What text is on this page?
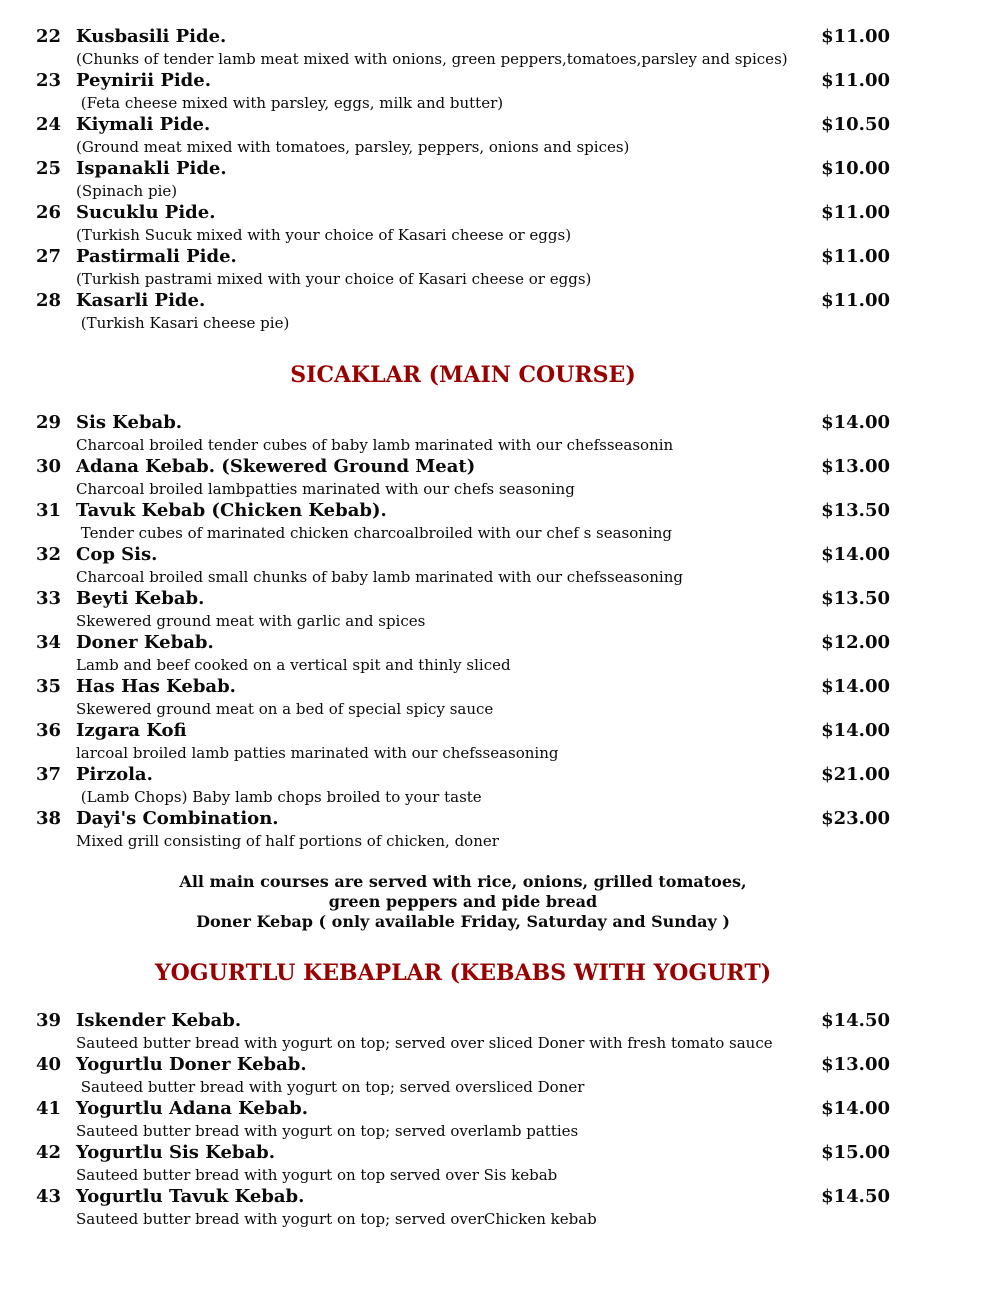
22 Kusbasili Pide.	$11.00
(Chunks of tender lamb meat mixed with onions, green peppers,tomatoes,parsley and spices)
23 Peynirii Pide.	$11.00
(Feta cheese mixed with parsley, eggs, milk and butter)
24 Kiymali Pide.	$10.50
(Ground meat mixed with tomatoes, parsley, peppers, onions and spices)
25 Ispanakli Pide.	$10.00
(Spinach pie)
26 Sucuklu Pide.	$11.00
(Turkish Sucuk mixed with your choice of Kasari cheese or eggs)
27 Pastirmali Pide.	$11.00
(Turkish pastrami mixed with your choice of Kasari cheese or eggs)
28 Kasarli Pide.	$11.00
(Turkish Kasari cheese pie)
SICAKLAR (MAIN COURSE)
29 Sis Kebab.	$14.00
Charcoal broiled tender cubes of baby lamb marinated with our chefsseasonin
30 Adana Kebab. (Skewered Ground Meat)	$13.00
Charcoal broiled lambpatties marinated with our chefs seasoning
31 Tavuk Kebab (Chicken Kebab).	$13.50
Tender cubes of marinated chicken charcoalbroiled with our chef s seasoning
32 Cop Sis.	$14.00
Charcoal broiled small chunks of baby lamb marinated with our chefsseasoning
33 Beyti Kebab.	$13.50
Skewered ground meat with garlic and spices
34 Doner Kebab.	$12.00
Lamb and beef cooked on a vertical spit and thinly sliced
35 Has Has Kebab.	$14.00
Skewered ground meat on a bed of special spicy sauce
36 Izgara Kofi	$14.00
larcoal broiled lamb patties marinated with our chefsseasoning
37 Pirzola.	$21.00
(Lamb Chops) Baby lamb chops broiled to your taste
38 Dayi's Combination.	$23.00
Mixed grill consisting of half portions of chicken, doner

All main courses are served with rice, onions, grilled tomatoes, green peppers and pide bread

Doner Kebap ( only available Friday, Saturday and Sunday )

YOGURTLU KEBAPLAR (KEBABS WITH YOGURT)
39 Iskender Kebab.	$14.50
Sauteed butter bread with yogurt on top; served over sliced Doner with fresh tomato sauce
40 Yogurtlu Doner Kebab.	$13.00
Sauteed butter bread with yogurt on top; served oversliced Doner
41 Yogurtlu Adana Kebab.	$14.00
Sauteed butter bread with yogurt on top; served overlamb patties
42 Yogurtlu Sis Kebab.	$15.00
Sauteed butter bread with yogurt on top served over Sis kebab
43 Yogurtlu Tavuk Kebab.	$14.50
Sauteed butter bread with yogurt on top; served overChicken kebab
